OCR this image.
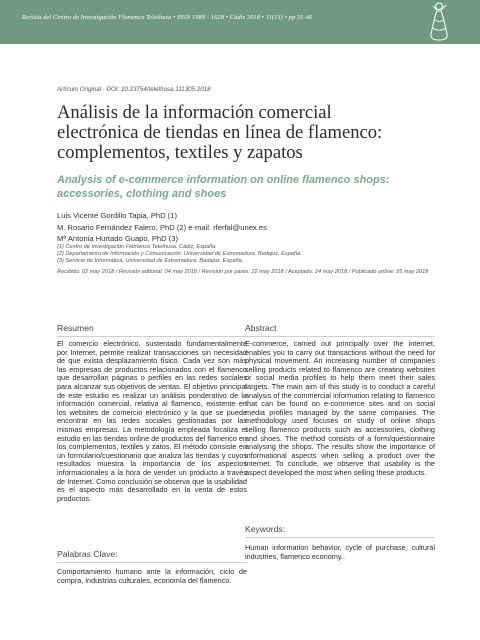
Revista del Centro de Investigación Flamenco Telethusa • ISSN 1989 - 1628 • Cádiz 2018 • 11(13) • pp 31-46
Artículo Original · DOI: 10.23754/telethusa.111305.2018
Análisis de la información comercial
electrónica de tiendas en línea de flamenco:
complementos, textiles y zapatos
Analysis of e-commerce information on online flamenco shops:
accessories, clothing and shoes
Luis Vicente Gordillo Tapia, PhD (1)
M. Rosario Fernández Falero, PhD (2) e-mail: rferfal@unex.es
Mª Antonia Hurtado Guapo, PhD (3)
(1) Centro de Investigación Flamenco Telethusa. Cádiz, España.
(2) Departamento de Información y Comunicación. Universidad de Extremadura. Badajoz, España.
(3) Servicio de Informática, Universidad de Extremadura. Badajoz, España.
Recibido: 02 may 2018 / Revisión editorial: 04 may 2018 / Revisión por pares: 22 may 2018 / Aceptado: 24 may 2018 / Publicado online: 25 may 2018
Resumen

El comercio electrónico, sustentado fundamentalmente por Internet, permite realizar transacciones sin necesidad de que exista desplazamiento físico. Cada vez son más las empresas de productos relacionados con el flamenco que desarrollan páginas o perfiles en las redes sociales para alcanzar sus objetivos de ventas. El objetivo principal de este estudio es realizar un análisis ponderativo de la información comercial, relativa al flamenco, existente en los websites de comercio electrónico y la que se puede encontrar en las redes sociales gestionadas por las mismas empresas. La metodología empleada focaliza el estudio en las tiendas online de productos del flamenco en los complementos, textiles y zatos. El método consiste en un formulario/cuestionario que analiza las tiendas y cuyos resultados muestra la importancia de los aspectos informacionales a la hora de vender un producto a través de Internet. Como conclusión se observa que la usabilidad es el aspecto más desarrollado en la venta de estos productos.

Palabras Clave:

Comportamiento humano ante la información, ciclo de compra, industrias culturales, economía del flamenco.

Abstract

E-commerce, carried out principally over the internet, enables you to carry out transactions without the need for physical movement. An increasing number of companies selling products related to flamenco are creating websites or social media profiles to help them meet their sales targets. The main aim of this study is to conduct a careful analysis of the commercial information relating to flamenco that can be found on e-commerce sites and on social media profiles managed by the same companies. The methodology used focuses on study of online shops selling flamenco products such as accessories, clothing and shoes. The method consists of a form/questionnaire analysing the shops. The results show the importance of informational aspects when selling a product over the internet. To conclude, we observe that usability is the aspect developed the most when selling these products.

Keywords:

Human information behavior, cycle of purchase, cultural industries, flamenco economy..
